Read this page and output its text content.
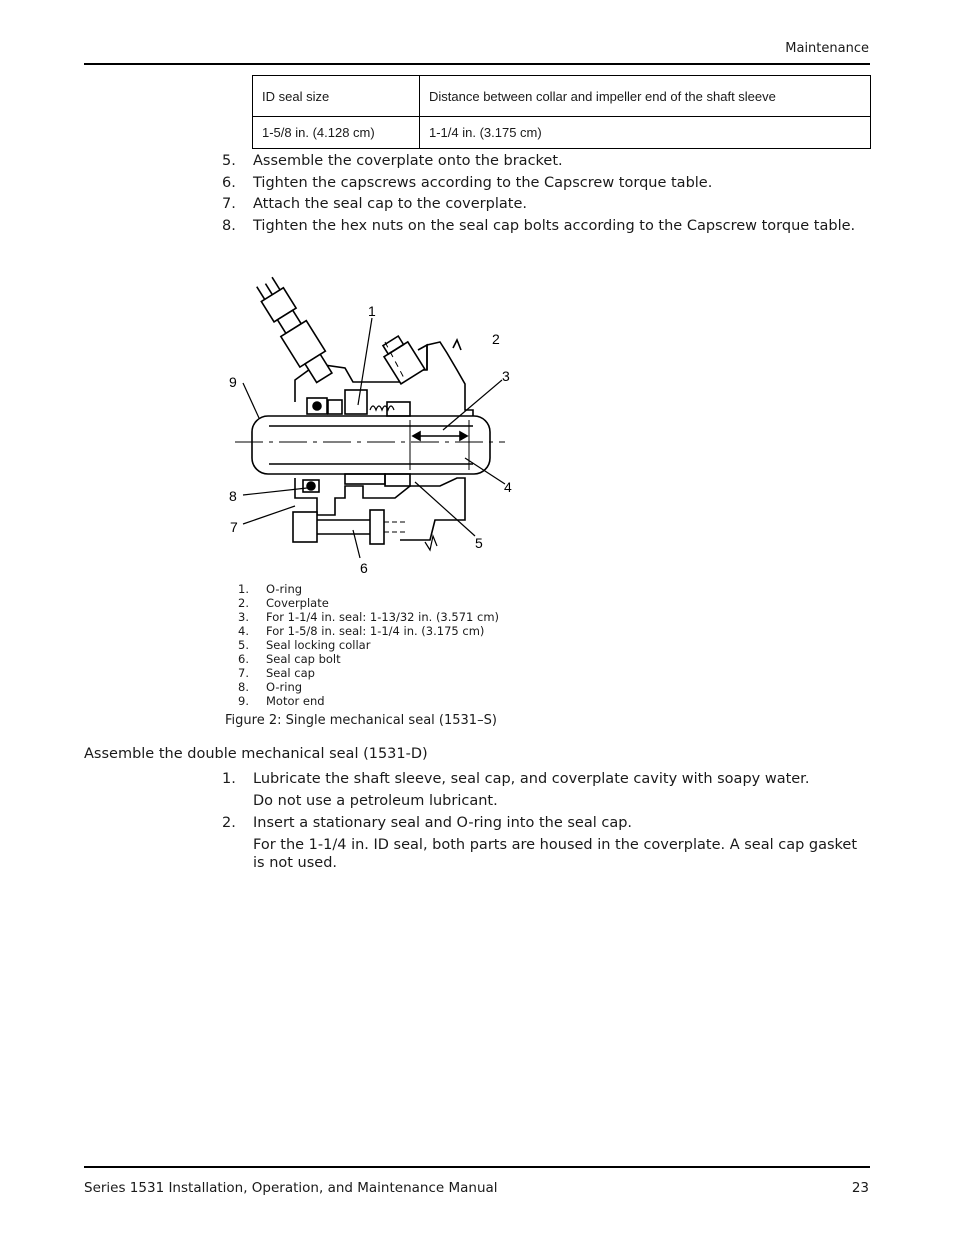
Maintenance
ID seal size	Distance between collar and impeller end of the shaft sleeve
1-5/8 in. (4.128 cm)	1-1/4 in. (3.175 cm)
5. Assemble the coverplate onto the bracket.
6. Tighten the capscrews according to the Capscrew torque table.
7. Attach the seal cap to the coverplate.
8. Tighten the hex nuts on the seal cap bolts according to the Capscrew torque table.
1
2
3
4
5
6
7
8
9
1. O-ring
2. Coverplate
3. For 1-1/4 in. seal: 1-13/32 in. (3.571 cm)
4. For 1-5/8 in. seal: 1-1/4 in. (3.175 cm)
5. Seal locking collar
6. Seal cap bolt
7. Seal cap
8. O-ring
9. Motor end
Figure 2: Single mechanical seal (1531–S)
Assemble the double mechanical seal (1531-D)
1. Lubricate the shaft sleeve, seal cap, and coverplate cavity with soapy water.
Do not use a petroleum lubricant.
2. Insert a stationary seal and O-ring into the seal cap.
For the 1-1/4 in. ID seal, both parts are housed in the coverplate. A seal cap gasket is not used.
Series 1531 Installation, Operation, and Maintenance Manual	23
